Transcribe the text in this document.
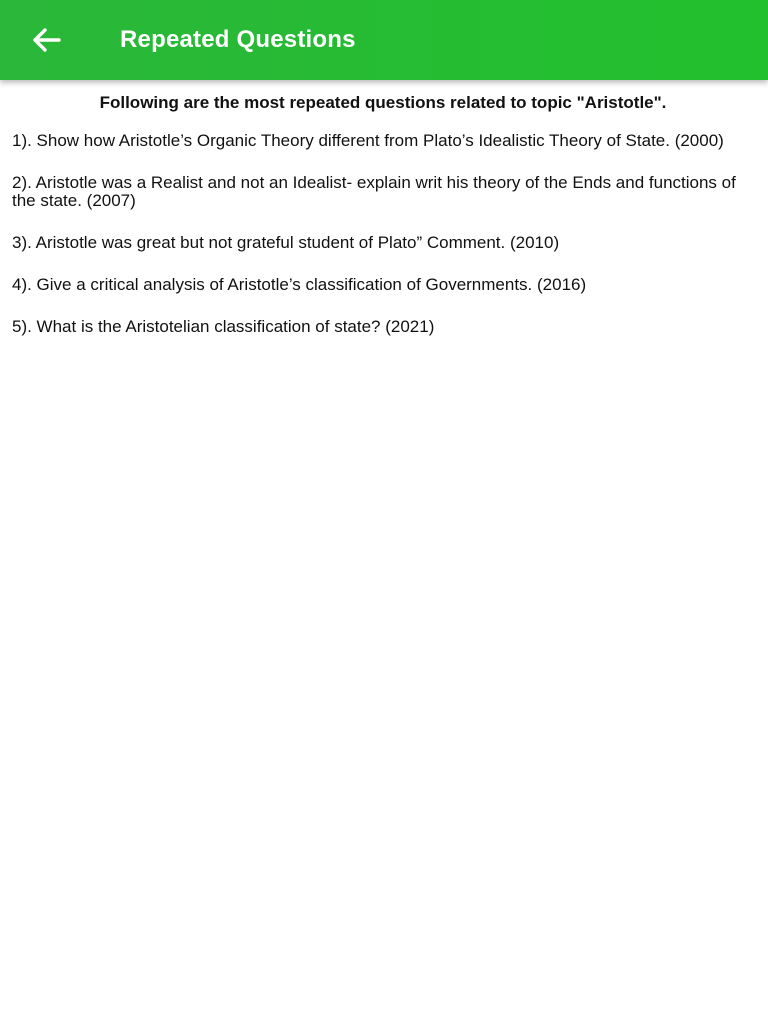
Repeated Questions

Following are the most repeated questions related to topic "Aristotle".

1). Show how Aristotle’s Organic Theory different from Plato’s Idealistic Theory of State. (2000)

2). Aristotle was a Realist and not an Idealist- explain writ his theory of the Ends and functions of the state. (2007)

3). Aristotle was great but not grateful student of Plato” Comment. (2010)

4). Give a critical analysis of Aristotle’s classification of Governments. (2016)

5). What is the Aristotelian classification of state? (2021)
